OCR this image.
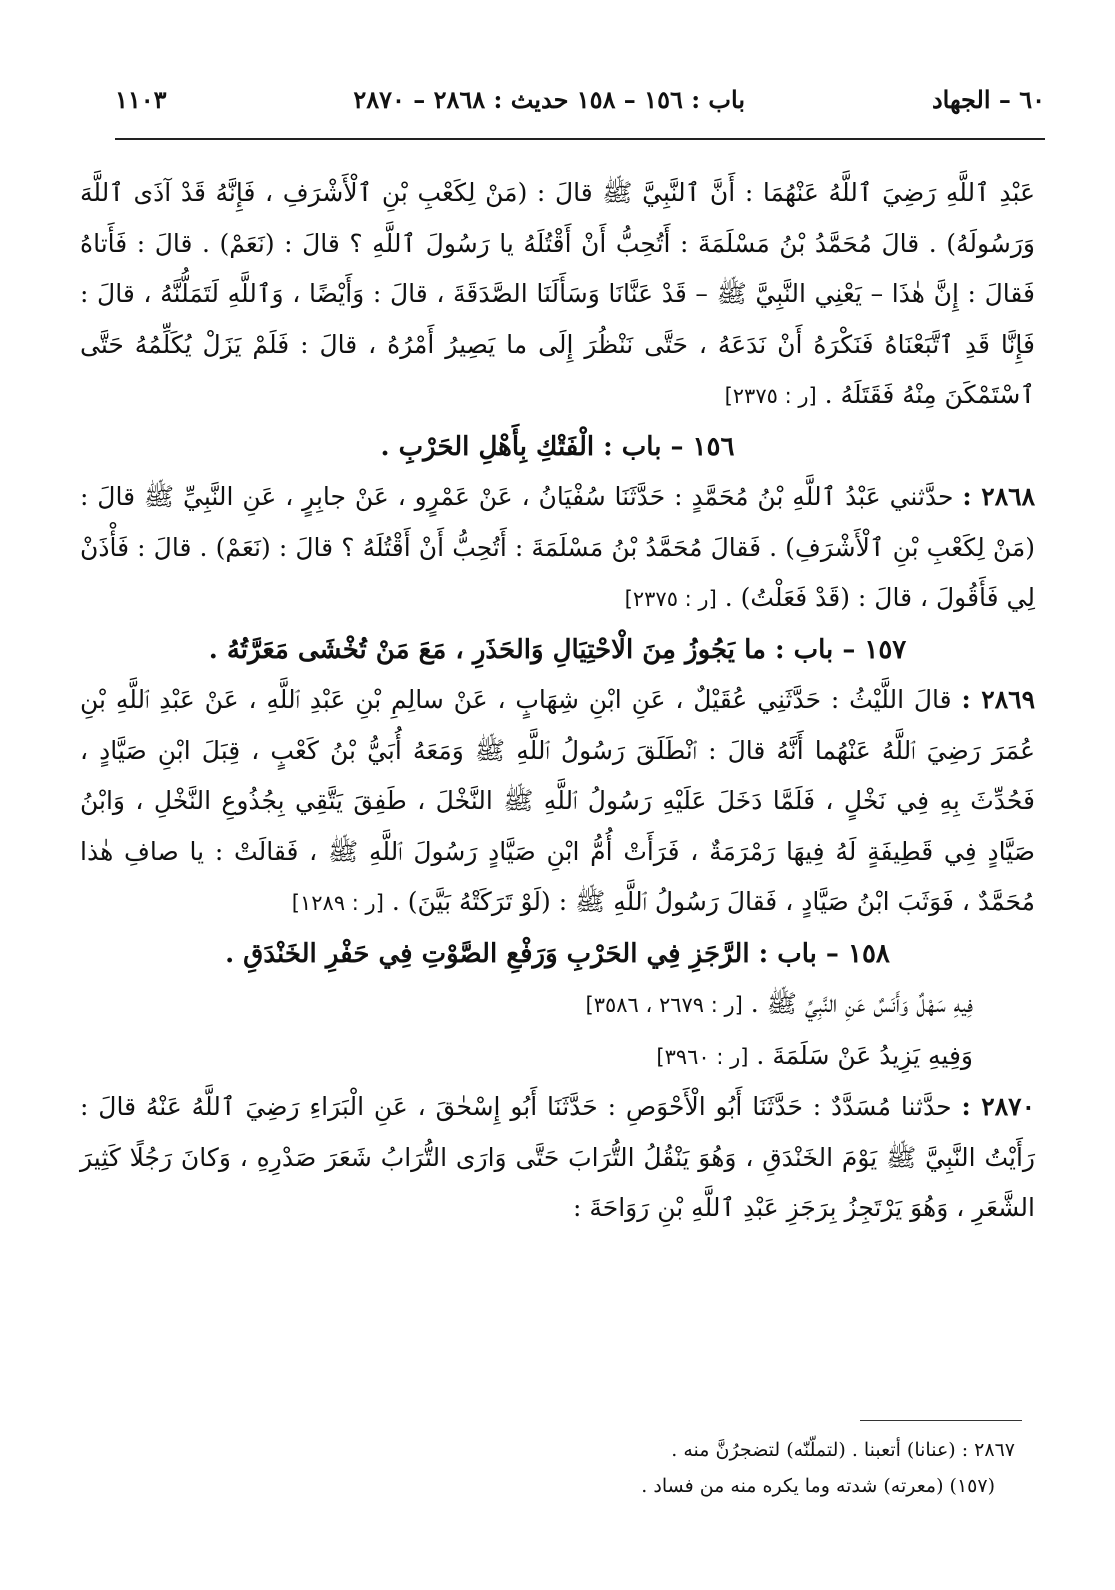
٦٠ – الجهاد
باب : ١٥٦ – ١٥٨ حديث : ٢٨٦٨ – ٢٨٧٠
١١٠٣

عَبْدِ ٱللَّهِ رَضِيَ ٱللَّهُ عَنْهُمَا : أَنَّ ٱلنَّبِيَّ ﷺ قالَ : (مَنْ لِكَعْبِ بْنِ ٱلْأَشْرَفِ ، فَإِنَّهُ قَدْ آذَى ٱللَّهَ وَرَسُولَهُ) . قالَ مُحَمَّدُ بْنُ مَسْلَمَةَ : أَتُحِبُّ أَنْ أَقْتُلَهُ يا رَسُولَ ٱللَّهِ ؟ قالَ : (نَعَمْ) . قالَ : فَأَتاهُ فَقالَ : إِنَّ هٰذَا – يَعْنِي النَّبِيَّ ﷺ – قَدْ عَنَّانَا وَسَأَلَنَا الصَّدَقَةَ ، قالَ : وَأَيْضًا ، وَٱللَّهِ لَتَمَلُّنَّهُ ، قالَ : فَإِنَّا قَدِ ٱتَّبَعْنَاهُ فَنَكْرَهُ أَنْ نَدَعَهُ ، حَتَّى نَنْظُرَ إِلَى ما يَصِيرُ أَمْرُهُ ، قالَ : فَلَمْ يَزَلْ يُكَلِّمُهُ حَتَّى ٱسْتَمْكَنَ مِنْهُ فَقَتَلَهُ . [ر : ٢٣٧٥]

١٥٦ – باب : الْفَتْكِ بِأَهْلِ الحَرْبِ .

٢٨٦٨ : حدَّثني عَبْدُ ٱللَّهِ بْنُ مُحَمَّدٍ : حَدَّثَنَا سُفْيَانُ ، عَنْ عَمْرٍو ، عَنْ جابِرٍ ، عَنِ النَّبِيِّ ﷺ قالَ : (مَنْ لِكَعْبِ بْنِ ٱلْأَشْرَفِ) . فَقالَ مُحَمَّدُ بْنُ مَسْلَمَةَ : أَتُحِبُّ أَنْ أَقْتُلَهُ ؟ قالَ : (نَعَمْ) . قالَ : فَأْذَنْ لِي فَأَقُولَ ، قالَ : (قَدْ فَعَلْتُ) . [ر : ٢٣٧٥]

١٥٧ – باب : ما يَجُوزُ مِنَ الْاحْتِيَالِ وَالحَذَرِ ، مَعَ مَنْ تُخْشَى مَعَرَّتُهُ .

٢٨٦٩ : قالَ اللَّيْثُ : حَدَّثَنِي عُقَيْلٌ ، عَنِ ابْنِ شِهَابٍ ، عَنْ سالِمِ بْنِ عَبْدِ ٱللَّهِ ، عَنْ عَبْدِ ٱللَّهِ بْنِ عُمَرَ رَضِيَ ٱللَّهُ عَنْهُما أَنَّهُ قالَ : ٱنْطَلَقَ رَسُولُ ٱللَّهِ ﷺ وَمَعَهُ أُبَيُّ بْنُ كَعْبٍ ، قِبَلَ ابْنِ صَيَّادٍ ، فَحُدِّثَ بِهِ فِي نَخْلٍ ، فَلَمَّا دَخَلَ عَلَيْهِ رَسُولُ ٱللَّهِ ﷺ النَّخْلَ ، طَفِقَ يَتَّقِي بِجُذُوعِ النَّخْلِ ، وَابْنُ صَيَّادٍ فِي قَطِيفَةٍ لَهُ فِيهَا رَمْرَمَةٌ ، فَرَأَتْ أُمُّ ابْنِ صَيَّادٍ رَسُولَ ٱللَّهِ ﷺ ، فَقالَتْ : يا صافِ هٰذا مُحَمَّدٌ ، فَوَثَبَ ابْنُ صَيَّادٍ ، فَقالَ رَسُولُ ٱللَّهِ ﷺ : (لَوْ تَرَكَتْهُ بَيَّنَ) . [ر : ١٢٨٩]

١٥٨ – باب : الرَّجَزِ فِي الحَرْبِ وَرَفْعِ الصَّوْتِ فِي حَفْرِ الخَنْدَقِ .

فِيهِ سَهْلٌ وَأَنَسٌ عَنِ النَّبِيِّ ﷺ . [ر : ٢٦٧٩ ، ٣٥٨٦]

وَفِيهِ يَزِيدُ عَنْ سَلَمَةَ . [ر : ٣٩٦٠]

٢٨٧٠ : حدَّثنا مُسَدَّدٌ : حَدَّثَنَا أَبُو الْأَحْوَصِ : حَدَّثَنَا أَبُو إِسْحٰقَ ، عَنِ الْبَرَاءِ رَضِيَ ٱللَّهُ عَنْهُ قالَ : رَأَيْتُ النَّبِيَّ ﷺ يَوْمَ الخَنْدَقِ ، وَهُوَ يَنْقُلُ التُّرَابَ حَتَّى وَارَى التُّرَابُ شَعَرَ صَدْرِهِ ، وَكانَ رَجُلًا كَثِيرَ الشَّعَرِ ، وَهُوَ يَرْتَجِزُ بِرَجَزِ عَبْدِ ٱللَّهِ بْنِ رَوَاحَةَ :

٢٨٦٧ : (عنانا) أتعبنا . (لتملّنّه) لتضجرُنَّ منه .

(١٥٧) (معرته) شدته وما يكره منه من فساد .
